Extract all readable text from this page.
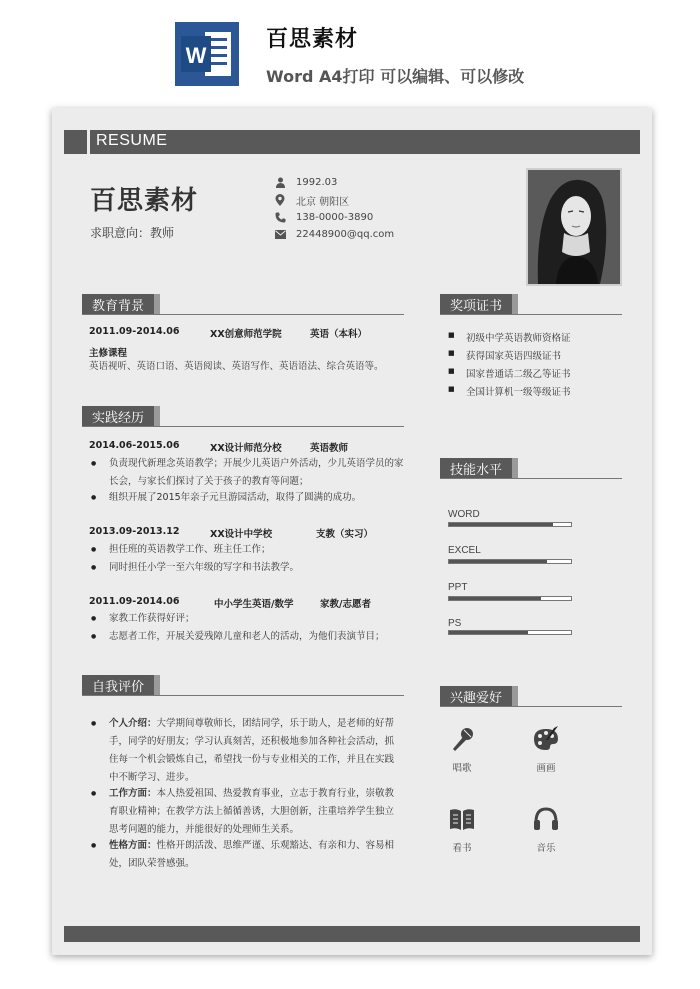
W
百思素材
Word A4打印 可以编辑、可以修改
RESUME
百思素材
求职意向：教师
1992.03
北京 朝阳区
138-0000-3890
22448900@qq.com
教育背景
2011.09-2014.06	XX创意师范学院	英语（本科）
主修课程
英语视听、英语口语、英语阅读、英语写作、英语语法、综合英语等。
实践经历
2014.06-2015.06	XX设计师范分校	英语教师
● 负责现代新理念英语教学；开展少儿英语户外活动，少儿英语学员的家长会，与家长们探讨了关于孩子的教育等问题；
● 组织开展了2015年亲子元旦游园活动，取得了圆满的成功。
2013.09-2013.12	XX设计中学校	支教（实习）
● 担任班的英语教学工作、班主任工作；
● 同时担任小学一至六年级的写字和书法教学。
2011.09-2014.06	中小学生英语/数学	家教/志愿者
● 家教工作获得好评；
● 志愿者工作，开展关爱残障儿童和老人的活动，为他们表演节目；
自我评价
● 个人介绍：大学期间尊敬师长，团结同学，乐于助人，是老师的好帮手，同学的好朋友；学习认真刻苦，还积极地参加各种社会活动，抓住每一个机会锻炼自己，希望找一份与专业相关的工作，并且在实践中不断学习、进步。
● 工作方面：本人热爱祖国、热爱教育事业，立志于教育行业，崇敬教育职业精神；在教学方法上循循善诱，大胆创新，注重培养学生独立思考问题的能力，并能很好的处理师生关系。
● 性格方面：性格开朗活泼、思维严谨、乐观豁达、有亲和力、容易相处，团队荣誉感强。
奖项证书
■ 初级中学英语教师资格证
■ 获得国家英语四级证书
■ 国家普通话二级乙等证书
■ 全国计算机一级等级证书
技能水平
WORD
EXCEL
PPT
PS
兴趣爱好
唱歌	画画
看书	音乐
